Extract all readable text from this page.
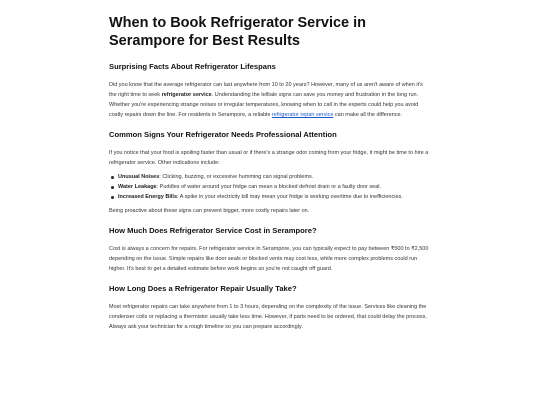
When to Book Refrigerator Service in Serampore for Best Results
Surprising Facts About Refrigerator Lifespans

Did you know that the average refrigerator can last anywhere from 10 to 20 years? However, many of us aren't aware of when it's the right time to seek refrigerator service. Understanding the telltale signs can save you money and frustration in the long run. Whether you're experiencing strange noises or irregular temperatures, knowing when to call in the experts could help you avoid costly repairs down the line. For residents in Serampore, a reliable refrigerator repair service can make all the difference.

Common Signs Your Refrigerator Needs Professional Attention

If you notice that your food is spoiling faster than usual or if there's a strange odor coming from your fridge, it might be time to hire a refrigerator service. Other indications include:

Unusual Noises: Clicking, buzzing, or excessive humming can signal problems.
Water Leakage: Puddles of water around your fridge can mean a blocked defrost drain or a faulty door seal.
Increased Energy Bills: A spike in your electricity bill may mean your fridge is working overtime due to inefficiencies.

Being proactive about these signs can prevent bigger, more costly repairs later on.

How Much Does Refrigerator Service Cost in Serampore?

Cost is always a concern for repairs. For refrigerator service in Serampore, you can typically expect to pay between ₹500 to ₹2,500 depending on the issue. Simple repairs like door seals or blocked vents may cost less, while more complex problems could run higher. It's best to get a detailed estimate before work begins so you're not caught off guard.

How Long Does a Refrigerator Repair Usually Take?

Most refrigerator repairs can take anywhere from 1 to 3 hours, depending on the complexity of the issue. Services like cleaning the condenser coils or replacing a thermistor usually take less time. However, if parts need to be ordered, that could delay the process. Always ask your technician for a rough timeline so you can prepare accordingly.
